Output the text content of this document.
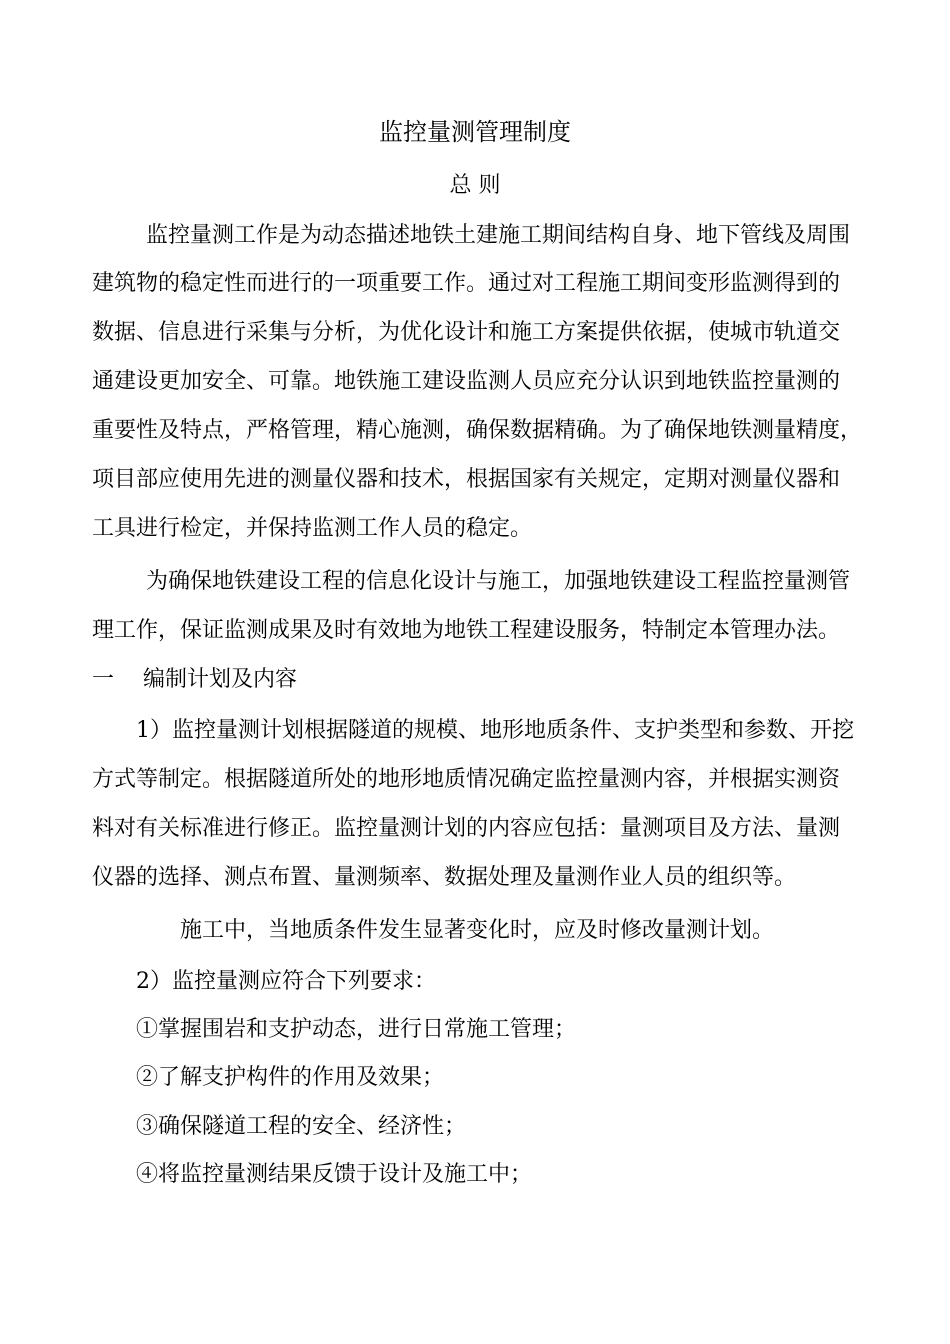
监控量测管理制度
总 则
监控量测工作是为动态描述地铁土建施工期间结构自身、地下管线及周围
建筑物的稳定性而进行的一项重要工作。通过对工程施工期间变形监测得到的
数据、信息进行采集与分析，为优化设计和施工方案提供依据，使城市轨道交
通建设更加安全、可靠。地铁施工建设监测人员应充分认识到地铁监控量测的
重要性及特点，严格管理，精心施测，确保数据精确。为了确保地铁测量精度，
项目部应使用先进的测量仪器和技术，根据国家有关规定，定期对测量仪器和
工具进行检定，并保持监测工作人员的稳定。
为确保地铁建设工程的信息化设计与施工，加强地铁建设工程监控量测管
理工作，保证监测成果及时有效地为地铁工程建设服务，特制定本管理办法。
一　 编制计划及内容
1）监控量测计划根据隧道的规模、地形地质条件、支护类型和参数、开挖
方式等制定。根据隧道所处的地形地质情况确定监控量测内容，并根据实测资
料对有关标准进行修正。监控量测计划的内容应包括：量测项目及方法、量测
仪器的选择、测点布置、量测频率、数据处理及量测作业人员的组织等。
施工中，当地质条件发生显著变化时，应及时修改量测计划。
2）监控量测应符合下列要求：
①掌握围岩和支护动态，进行日常施工管理；
②了解支护构件的作用及效果；
③确保隧道工程的安全、经济性；
④将监控量测结果反馈于设计及施工中；
